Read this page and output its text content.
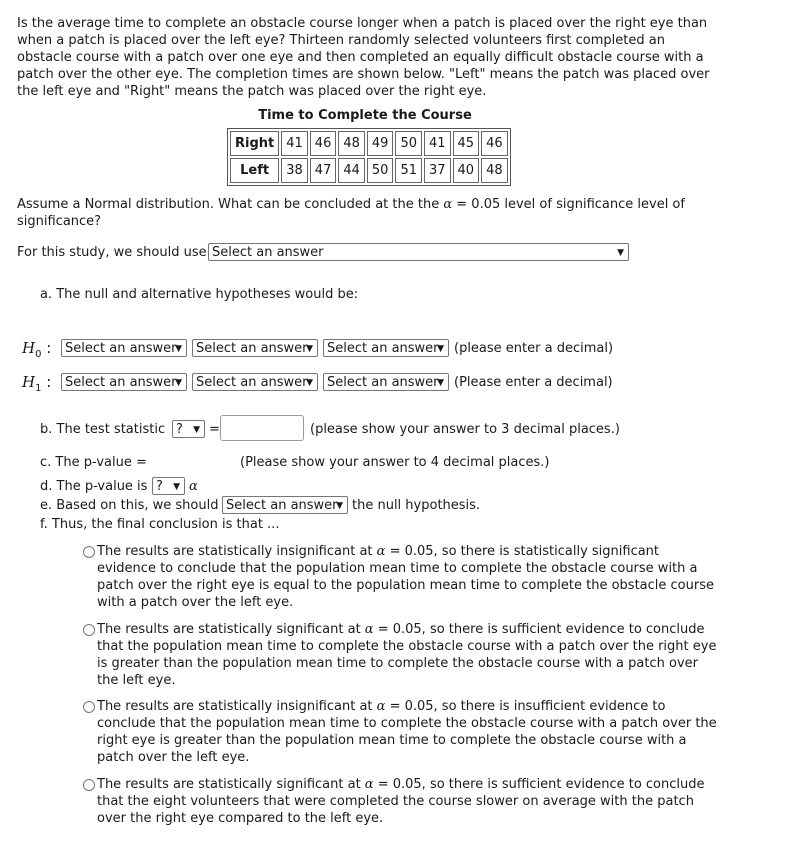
Is the average time to complete an obstacle course longer when a patch is placed over the right eye than when a patch is placed over the left eye? Thirteen randomly selected volunteers first completed an obstacle course with a patch over one eye and then completed an equally difficult obstacle course with a patch over the other eye. The completion times are shown below. "Left" means the patch was placed over the left eye and "Right" means the patch was placed over the right eye.

Time to Complete the Course
Right	41	46	48	49	50	41	45	46
Left	38	47	44	50	51	37	40	48
Assume a Normal distribution. What can be concluded at the the α = 0.05 level of significance level of
significance?
For this study, we should use Select an answer	▼
a. The null and alternative hypotheses would be:
$H_0$ :	Select an answer
▼	Select an answer
▼	Select an answer
▼ (please enter a decimal)
$H_1$ :	Select an answer
▼	Select an answer
▼	Select an answer
▼ (Please enter a decimal)
b. The test statistic ? ▼ =	(please show your answer to 3 decimal places.)
c. The p-value =	(Please show your answer to 4 decimal places.)
d. The p-value is ? ▼ α
e. Based on this, we should Select an answer
▼ the null hypothesis.
f. Thus, the final conclusion is that ...
The results are statistically insignificant at α = 0.05, so there is statistically significant evidence to conclude that the population mean time to complete the obstacle course with a patch over the right eye is equal to the population mean time to complete the obstacle course with a patch over the left eye.
The results are statistically significant at α = 0.05, so there is sufficient evidence to conclude that the population mean time to complete the obstacle course with a patch over the right eye is greater than the population mean time to complete the obstacle course with a patch over the left eye.
The results are statistically insignificant at α = 0.05, so there is insufficient evidence to conclude that the population mean time to complete the obstacle course with a patch over the right eye is greater than the population mean time to complete the obstacle course with a patch over the left eye.
The results are statistically significant at α = 0.05, so there is sufficient evidence to conclude that the eight volunteers that were completed the course slower on average with the patch over the right eye compared to the left eye.
